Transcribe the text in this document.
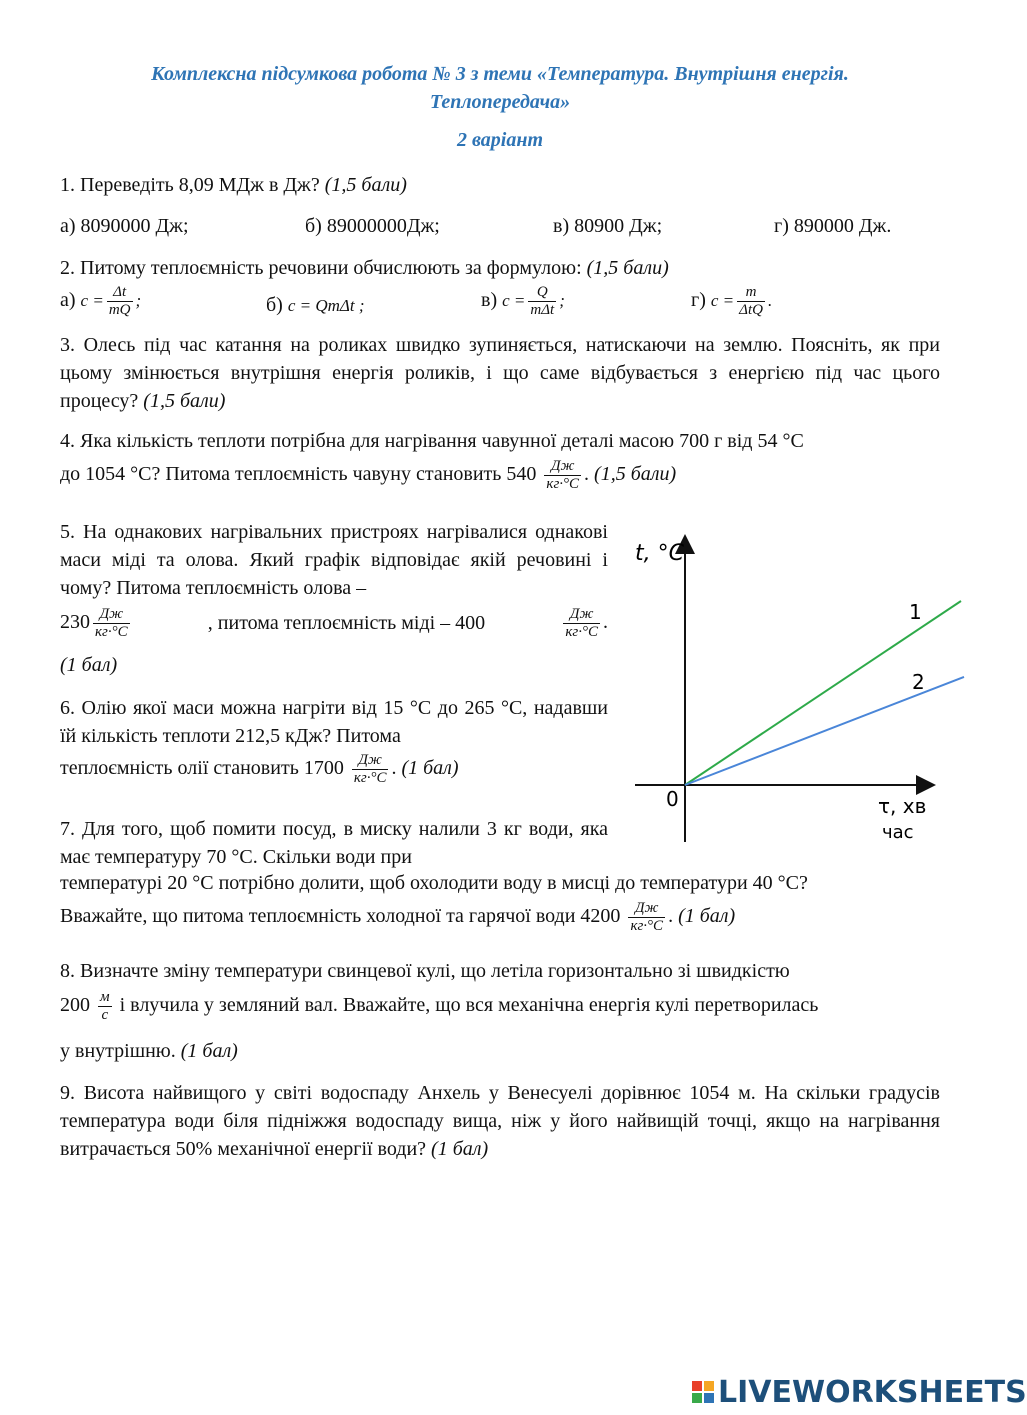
Комплексна підсумкова робота № 3 з теми «Температура. Внутрішня енергія.
Теплопередача»
2 варіант
1. Переведіть 8,09 МДж в Дж? (1,5 бали)
а) 8090000 Дж;	б) 89000000Дж;	в) 80900 Дж;	г) 890000 Дж.
2. Питому теплоємність речовини обчислюють за формулою: (1,5 бали)
а) $c = \frac{\Delta t}{mQ}$ ;	б) c = QmΔt ;	в) $c = \frac{Q}{\text{mΔt}}$ ;	г) $c = \frac{m}{\text{ΔtQ}}$ .
3. Олесь під час катання на роликах швидко зупиняється, натискаючи на землю. Поясніть, як при цьому змінюється внутрішня енергія роликів, і що саме відбувається з енергією під час цього процесу? (1,5 бали)
4. Яка кількість теплоти потрібна для нагрівання чавунної деталі масою 700 г від 54 °С
до 1054 °С? Питома теплоємність чавуну становить $540 \frac{Дж}{кг\cdot^\circ С}$ . (1,5 бали)
5. На однакових нагрівальних пристроях нагрівалися однакові маси міді та олова. Який графік відповідає якій речовині і чому? Питома теплоємність олова –
$230 \frac{Дж}{кг\cdot^\circ С}$	, питома теплоємність міді – 400	$\frac{Дж}{кг\cdot^\circ С}$ .
(1 бал)
6. Олію якої маси можна нагріти від 15 °С до 265 °С, надавши їй кількість теплоти 212,5 кДж? Питома
теплоємність олії становить $1700 \frac{Дж}{кг\cdot^\circ С}$ . (1 бал)
7. Для того, щоб помити посуд, в миску налили 3 кг води, яка має температуру 70 °С. Скільки води при
температурі 20 °С потрібно долити, щоб охолодити воду в мисці до температури 40 °С?
Вважайте, що питома теплоємність холодної та гарячої води $4200 \frac{Дж}{кг\cdot^\circ С}$ . (1 бал)
8. Визначте зміну температури свинцевої кулі, що летіла горизонтально зі швидкістю
$200 \frac{м}{с}$ і влучила у земляний вал. Вважайте, що вся механічна енергія кулі перетворилась
у внутрішню. (1 бал)
9. Висота найвищого у світі водоспаду Анхель у Венесуелі дорівнює 1054 м. На скільки градусів температура води біля підніжжя водоспаду вища, ніж у його найвищій точці, якщо на нагрівання витрачається 50% механічної енергії води? (1 бал)
1
2
t, °C
0	τ, хв
час
LIVEWORKSHEETS
